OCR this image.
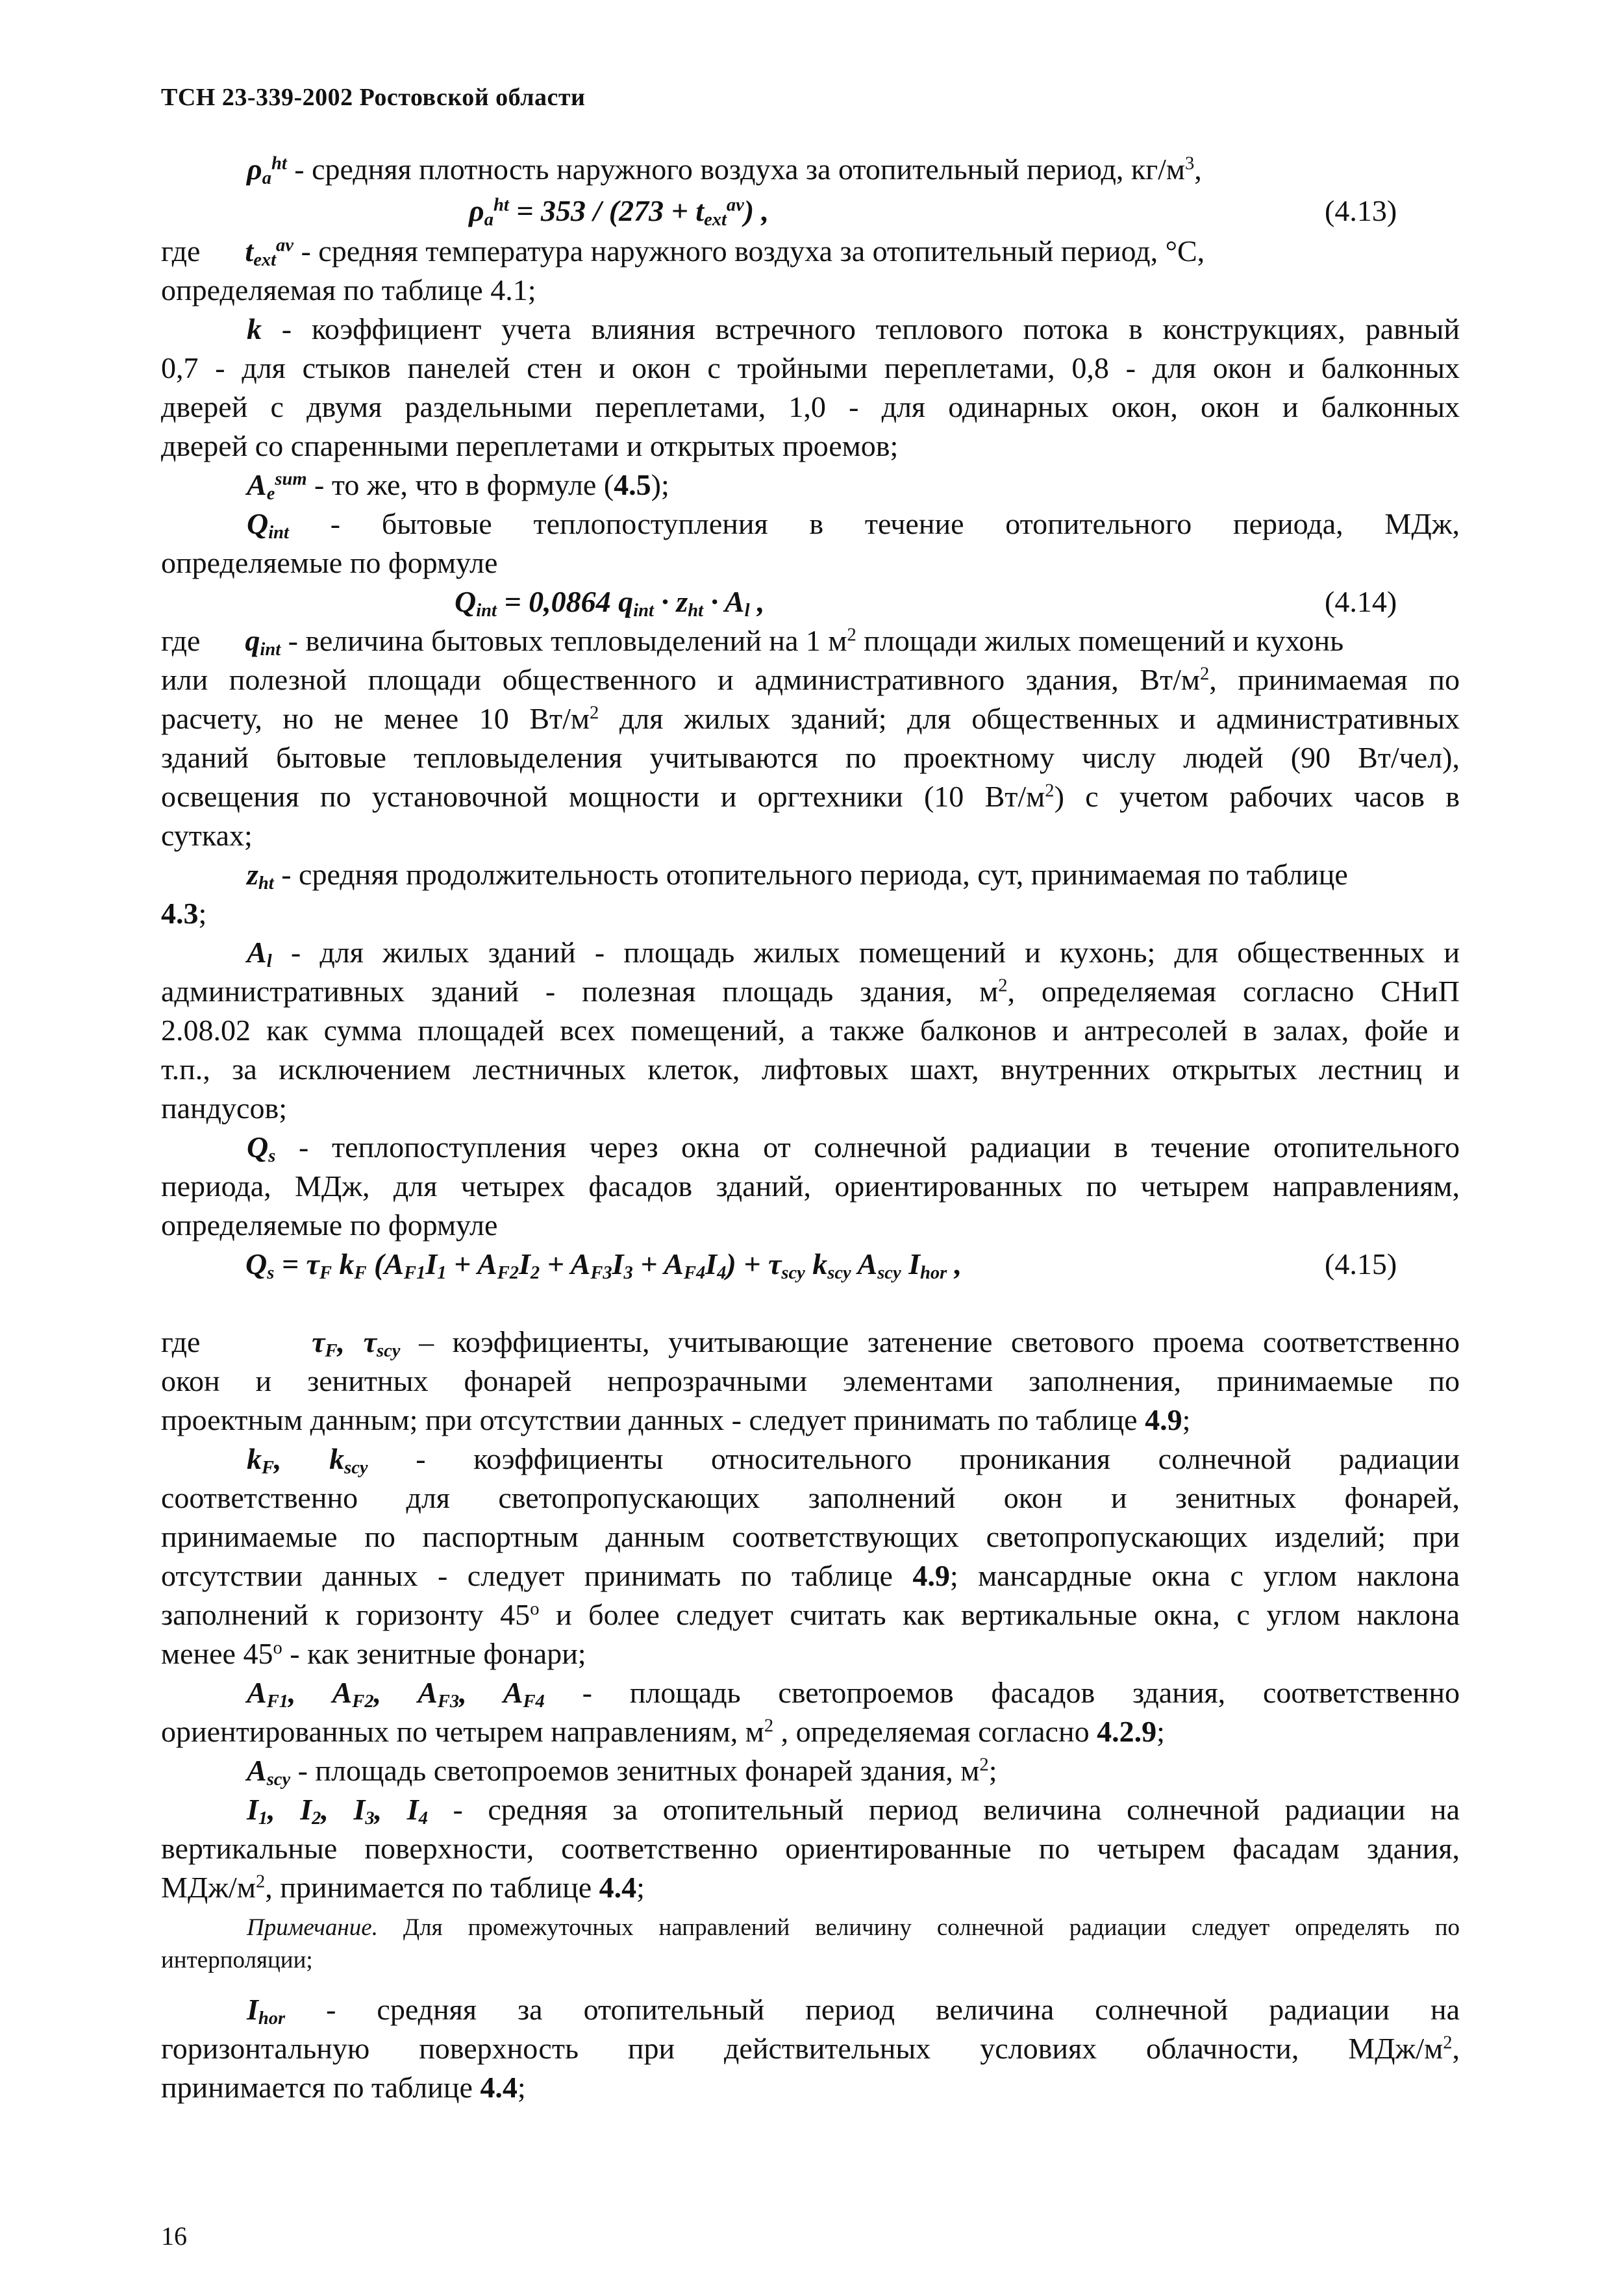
ТСН 23-339-2002 Ростовской области
$\rho_a^{ht}$ - средняя плотность наружного воздуха за отопительный период, $кг/м^3$,
$\rho_a^{ht} = 353 / (273 + t_{ext}^{av})$ ,	(4.13)
где      $t_{ext}^{av}$ - средняя температура наружного воздуха за отопительный период, °С,
определяемая по таблице 4.1;
k - коэффициент учета влияния встречного теплового потока в конструкциях, равный
0,7 - для стыков панелей стен и окон с тройными переплетами, 0,8 - для окон и балконных
дверей с двумя раздельными переплетами, 1,0 - для одинарных окон, окон и балконных
дверей со спаренными переплетами и открытых проемов;
$A_e^{sum}$ - то же, что в формуле (4.5);
$Q_{int}$ - бытовые теплопоступления в течение отопительного периода, МДж,
определяемые по формуле
$Q_{int} = 0,0864$ $q_{int} \cdot z_{ht} \cdot A_l$ ,	(4.14)
где      $q_{int}$ - величина бытовых тепловыделений на 1 $м^2$ площади жилых помещений и кухонь
или полезной площади общественного и административного здания, $Вт/м^2$, принимаемая по
расчету, но не менее 10 $Вт/м^2$ для жилых зданий; для общественных и административных
зданий бытовые тепловыделения учитываются по проектному числу людей (90 Вт/чел),
освещения по установочной мощности и оргтехники (10 $Вт/м^2$) с учетом рабочих часов в
сутках;
$z_{ht}$ - средняя продолжительность отопительного периода, сут, принимаемая по таблице
4.3;
$A_l$ - для жилых зданий - площадь жилых помещений и кухонь; для общественных и
административных зданий - полезная площадь здания, $м^2$, определяемая согласно СНиП
2.08.02 как сумма площадей всех помещений, а также балконов и антресолей в залах, фойе и
т.п., за исключением лестничных клеток, лифтовых шахт, внутренних открытых лестниц и
пандусов;
$Q_s$ - теплопоступления через окна от солнечной радиации в течение отопительного
периода, МДж, для четырех фасадов зданий, ориентированных по четырем направлениям,
определяемые по формуле
$Q_s = \tau_F$ $k_F$ $(A_{F1}I_1 + A_{F2}I_2 + A_{F3}I_3 + A_{F4}I_4) + \tau_{scy}$ $k_{scy}$ $A_{scy}$ $I_{hor}$ ,	(4.15)
где      $\tau_F$, $\tau_{scy}$ – коэффициенты, учитывающие затенение светового проема соответственно
окон и зенитных фонарей непрозрачными элементами заполнения, принимаемые по
проектным данным; при отсутствии данных - следует принимать по таблице 4.9;
$k_F$, $k_{scy}$ - коэффициенты относительного проникания солнечной радиации
соответственно для светопропускающих заполнений окон и зенитных фонарей,
принимаемые по паспортным данным соответствующих светопропускающих изделий; при
отсутствии данных - следует принимать по таблице 4.9; мансардные окна с углом наклона
заполнений к горизонту 45$^o$ и более следует считать как вертикальные окна, с углом наклона
менее 45$^o$ - как зенитные фонари;
$A_{F1}$, $A_{F2}$, $A_{F3}$, $A_{F4}$ - площадь светопроемов фасадов здания, соответственно
ориентированных по четырем направлениям, $м^2$ , определяемая согласно 4.2.9;
$A_{scy}$ - площадь светопроемов зенитных фонарей здания, $м^2$;
$I_1$, $I_2$, $I_3$, $I_4$ - средняя за отопительный период величина солнечной радиации на
вертикальные поверхности, соответственно ориентированные по четырем фасадам здания,
МДж/$м^2$, принимается по таблице 4.4;
Примечание. Для промежуточных направлений величину солнечной радиации следует определять по
интерполяции;
$I_{hor}$ - средняя за отопительный период величина солнечной радиации на
горизонтальную поверхность при действительных условиях облачности, МДж/$м^2$,
принимается по таблице 4.4;
16
